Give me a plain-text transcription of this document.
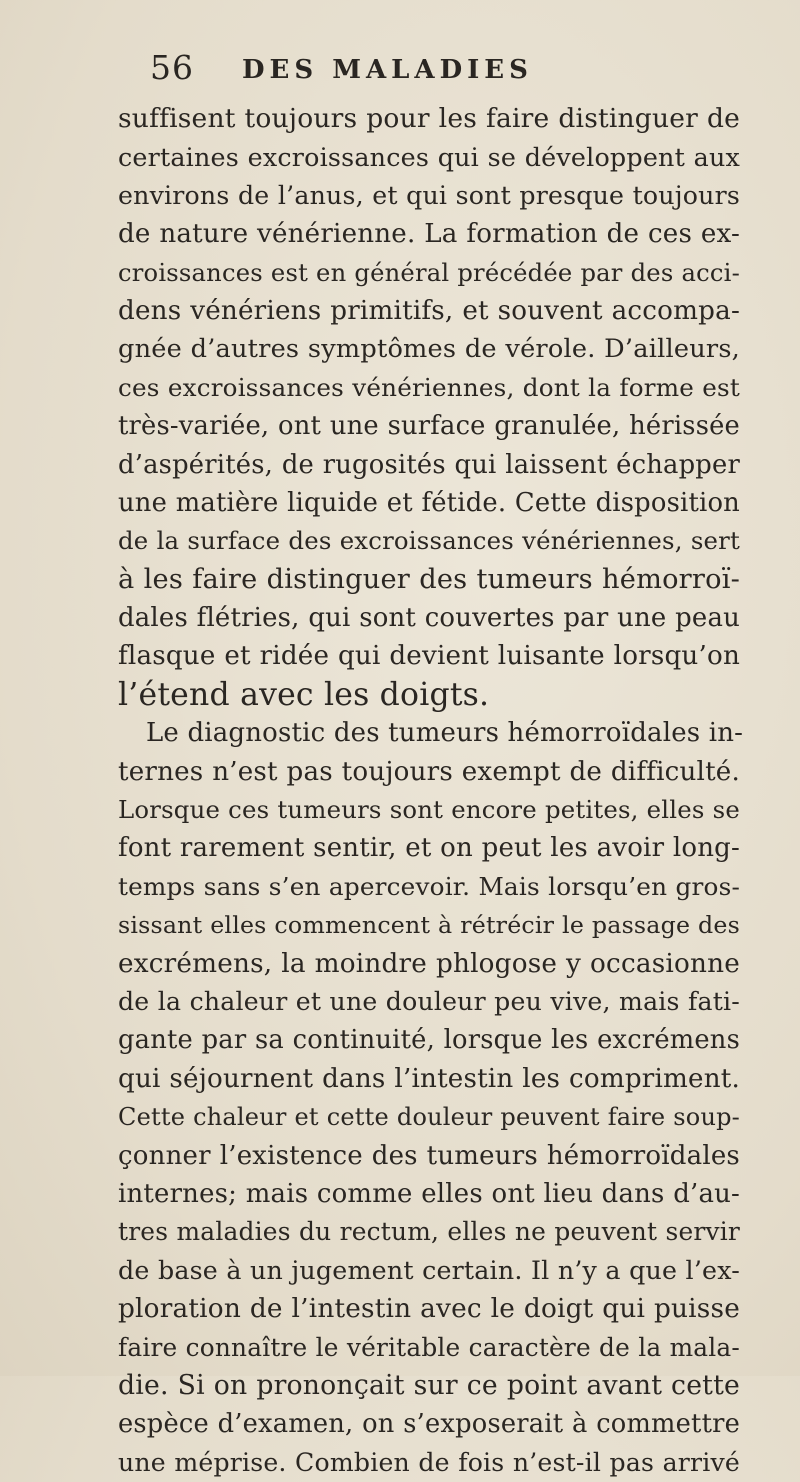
56 DES MALADIES
suffisent toujours pour les faire distinguer de
certaines excroissances qui se développent aux
environs de l’anus, et qui sont presque toujours
de nature vénérienne. La formation de ces ex-
croissances est en général précédée par des acci-
dens vénériens primitifs, et souvent accompa-
gnée d’autres symptômes de vérole. D’ailleurs,
ces excroissances vénériennes, dont la forme est
très-variée, ont une surface granulée, hérissée
d’aspérités, de rugosités qui laissent échapper
une matière liquide et fétide. Cette disposition
de la surface des excroissances vénériennes, sert
à les faire distinguer des tumeurs hémorroï-
dales flétries, qui sont couvertes par une peau
flasque et ridée qui devient luisante lorsqu’on
l’étend avec les doigts.
Le diagnostic des tumeurs hémorroïdales in-
ternes n’est pas toujours exempt de difficulté.
Lorsque ces tumeurs sont encore petites, elles se
font rarement sentir, et on peut les avoir long-
temps sans s’en apercevoir. Mais lorsqu’en gros-
sissant elles commencent à rétrécir le passage des
excrémens, la moindre phlogose y occasionne
de la chaleur et une douleur peu vive, mais fati-
gante par sa continuité, lorsque les excrémens
qui séjournent dans l’intestin les compriment.
Cette chaleur et cette douleur peuvent faire soup-
çonner l’existence des tumeurs hémorroïdales
internes; mais comme elles ont lieu dans d’au-
tres maladies du rectum, elles ne peuvent servir
de base à un jugement certain. Il n’y a que l’ex-
ploration de l’intestin avec le doigt qui puisse
faire connaître le véritable caractère de la mala-
die. Si on prononçait sur ce point avant cette
espèce d’examen, on s’exposerait à commettre
une méprise. Combien de fois n’est-il pas arrivé
